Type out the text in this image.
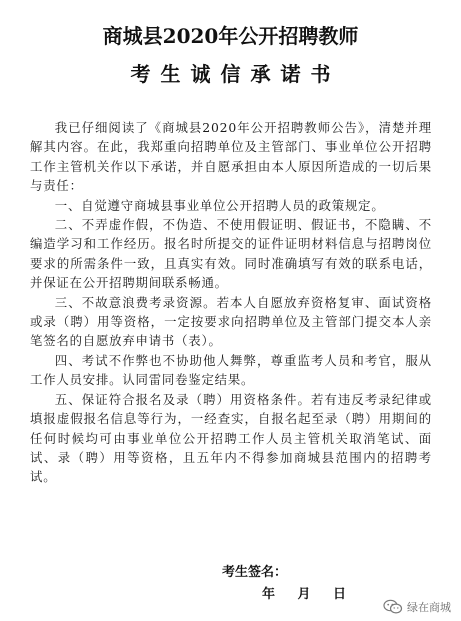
商城县2020年公开招聘教师
考生诚信承诺书

我已仔细阅读了《商城县2020年公开招聘教师公告》，清楚并理解其内容。在此，我郑重向招聘单位及主管部门、事业单位公开招聘工作主管机关作以下承诺，并自愿承担由本人原因所造成的一切后果与责任：

一、自觉遵守商城县事业单位公开招聘人员的政策规定。

二、不弄虚作假，不伪造、不使用假证明、假证书，不隐瞒、不编造学习和工作经历。报名时所提交的证件证明材料信息与招聘岗位要求的所需条件一致，且真实有效。同时准确填写有效的联系电话，并保证在公开招聘期间联系畅通。

三、不故意浪费考录资源。若本人自愿放弃资格复审、面试资格或录（聘）用等资格，一定按要求向招聘单位及主管部门提交本人亲笔签名的自愿放弃申请书（表）。

四、考试不作弊也不协助他人舞弊，尊重监考人员和考官，服从工作人员安排。认同雷同卷鉴定结果。

五、保证符合报名及录（聘）用资格条件。若有违反考录纪律或填报虚假报名信息等行为，一经查实，自报名起至录（聘）用期间的任何时候均可由事业单位公开招聘工作人员主管机关取消笔试、面试、录（聘）用等资格，且五年内不得参加商城县范围内的招聘考试。

考生签名：
年 月 日
绿在商城
